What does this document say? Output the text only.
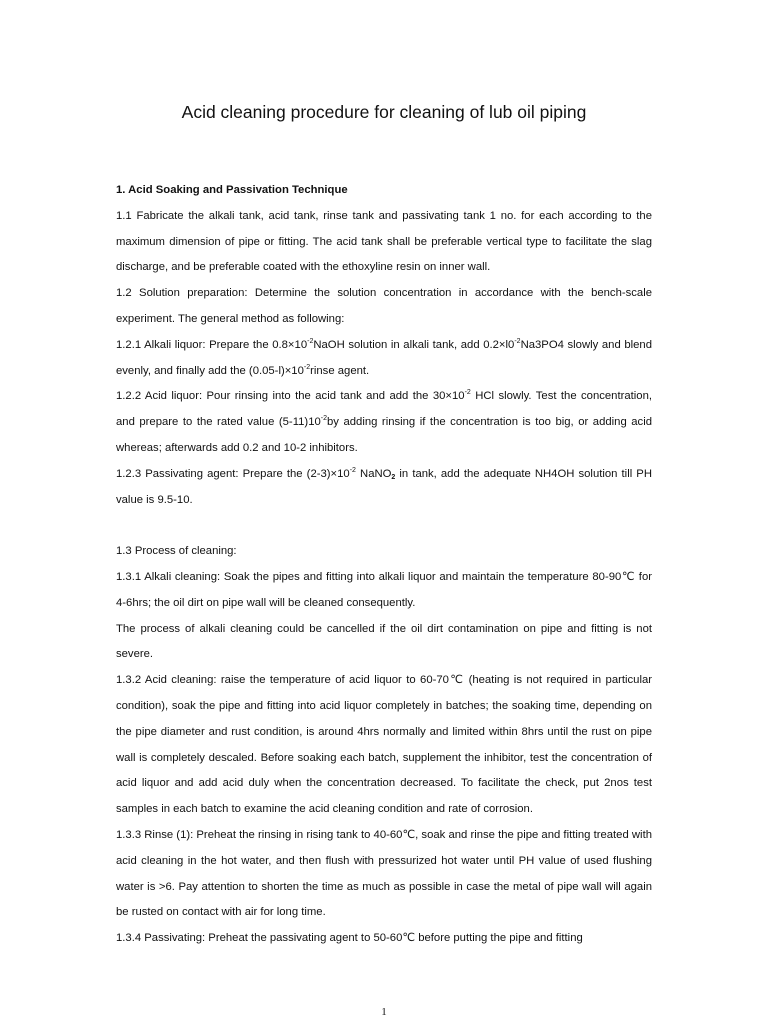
Acid cleaning procedure for cleaning of lub oil piping

1. Acid Soaking and Passivation Technique

1.1 Fabricate the alkali tank, acid tank, rinse tank and passivating tank 1 no. for each according to the maximum dimension of pipe or fitting. The acid tank shall be preferable vertical type to facilitate the slag discharge, and be preferable coated with the ethoxyline resin on inner wall.

1.2 Solution preparation: Determine the solution concentration in accordance with the bench-scale experiment. The general method as following:

1.2.1 Alkali liquor: Prepare the $0.8\times 10^{-2}NaOH$ solution in alkali tank, add $0.2\times l0^{-2}Na3PO4$ slowly and blend evenly, and finally add the $(0.05-l)\times 10^{-2}rinse$ agent.

1.2.2 Acid liquor: Pour rinsing into the acid tank and add the $30\times 10^{-2}$ HCl slowly. Test the concentration, and prepare to the rated value $(5-11)10^{-2}by$ adding rinsing if the concentration is too big, or adding acid whereas; afterwards add 0.2 and 10-2 inhibitors.

1.2.3 Passivating agent: Prepare the $(2-3)\times 10^{-2}$ NaNO$_2$ in tank, add the adequate NH4OH solution till PH value is 9.5-10.

1.3 Process of cleaning:

1.3.1 Alkali cleaning: Soak the pipes and fitting into alkali liquor and maintain the temperature 80-90℃ for 4-6hrs; the oil dirt on pipe wall will be cleaned consequently.

The process of alkali cleaning could be cancelled if the oil dirt contamination on pipe and fitting is not severe.

1.3.2 Acid cleaning: raise the temperature of acid liquor to 60-70℃ (heating is not required in particular condition), soak the pipe and fitting into acid liquor completely in batches; the soaking time, depending on the pipe diameter and rust condition, is around 4hrs normally and limited within 8hrs until the rust on pipe wall is completely descaled. Before soaking each batch, supplement the inhibitor, test the concentration of acid liquor and add acid duly when the concentration decreased. To facilitate the check, put 2nos test samples in each batch to examine the acid cleaning condition and rate of corrosion.

1.3.3 Rinse (1): Preheat the rinsing in rising tank to 40-60℃, soak and rinse the pipe and fitting treated with acid cleaning in the hot water, and then flush with pressurized hot water until PH value of used flushing water is >6. Pay attention to shorten the time as much as possible in case the metal of pipe wall will again be rusted on contact with air for long time.

1.3.4 Passivating: Preheat the passivating agent to 50-60℃ before putting the pipe and fitting

1
